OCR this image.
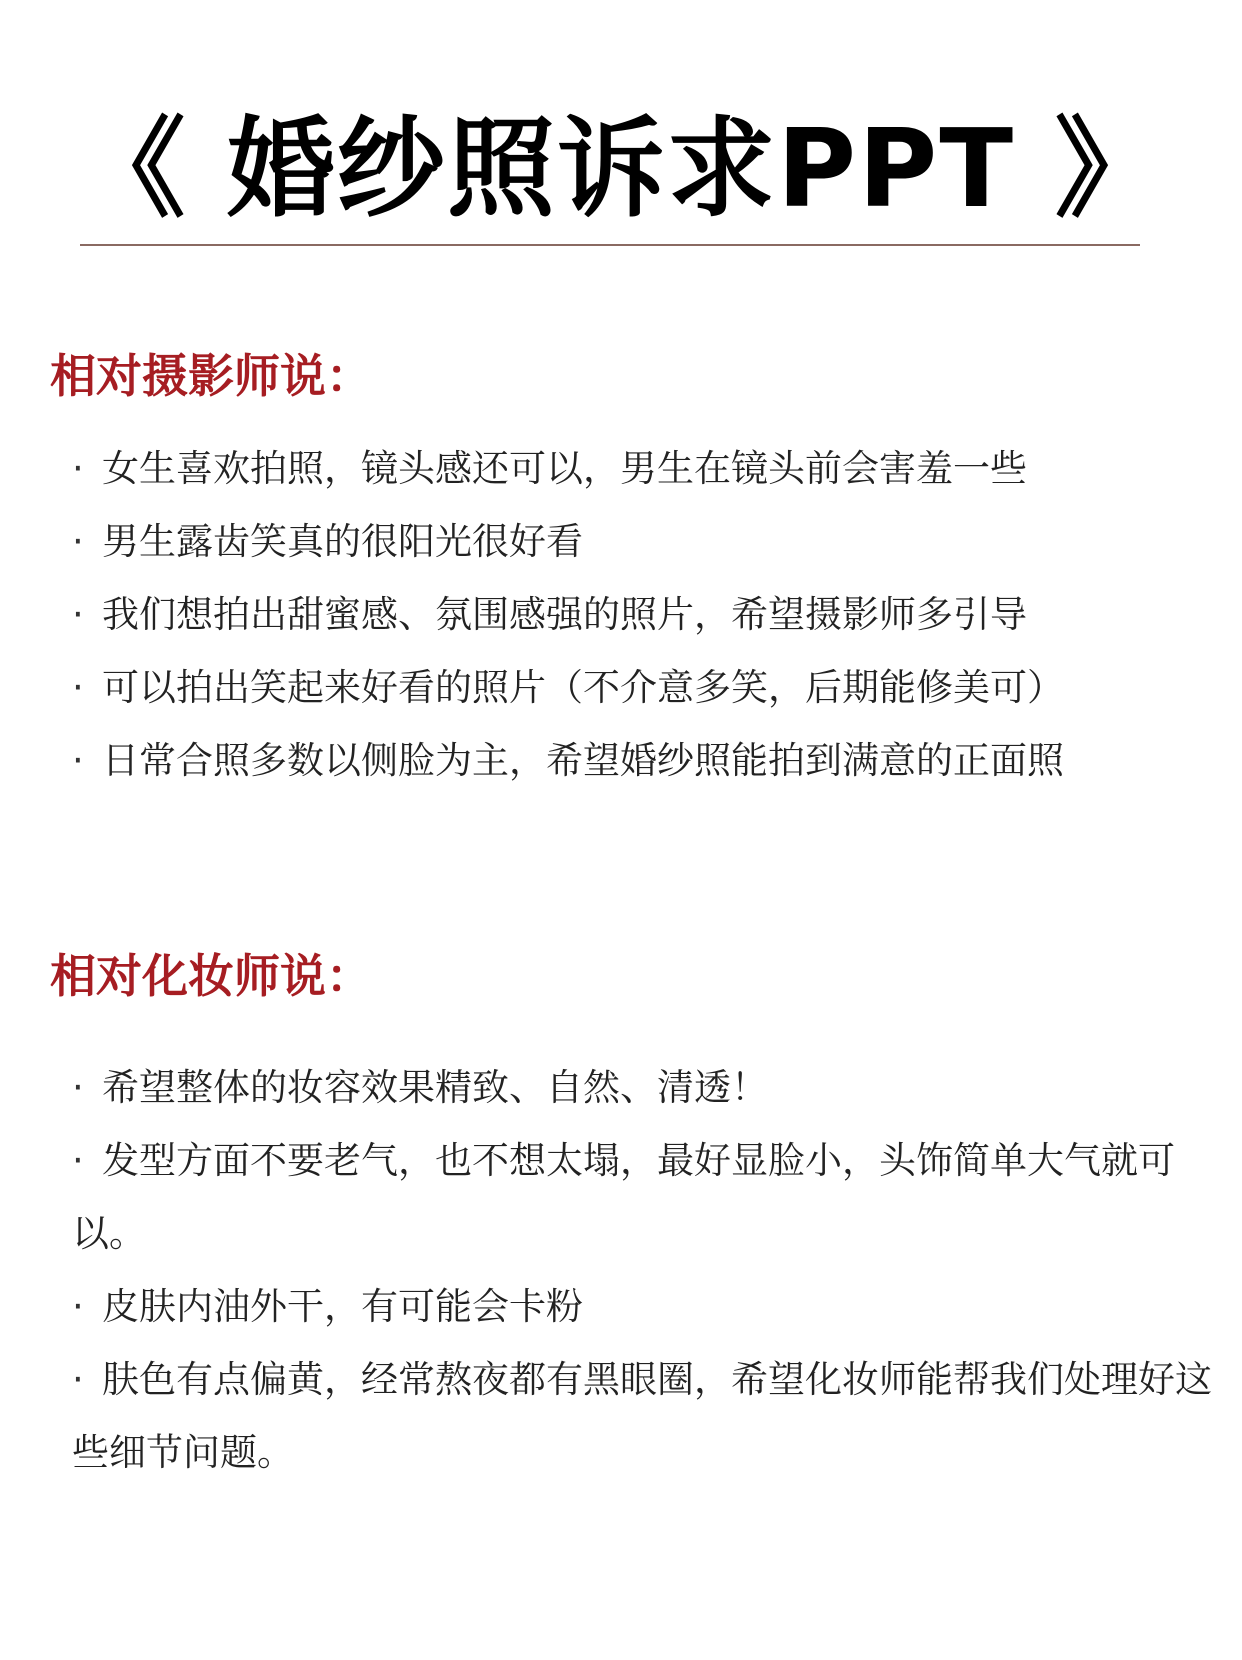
《 婚纱照诉求PPT 》
相对摄影师说：
· 女生喜欢拍照，镜头感还可以，男生在镜头前会害羞一些
· 男生露齿笑真的很阳光很好看
· 我们想拍出甜蜜感、氛围感强的照片，希望摄影师多引导
· 可以拍出笑起来好看的照片（不介意多笑，后期能修美可）
· 日常合照多数以侧脸为主，希望婚纱照能拍到满意的正面照
相对化妆师说：
· 希望整体的妆容效果精致、自然、清透！
· 发型方面不要老气，也不想太塌，最好显脸小，头饰简单大气就可以。
· 皮肤内油外干，有可能会卡粉
· 肤色有点偏黄，经常熬夜都有黑眼圈，希望化妆师能帮我们处理好这些细节问题。
